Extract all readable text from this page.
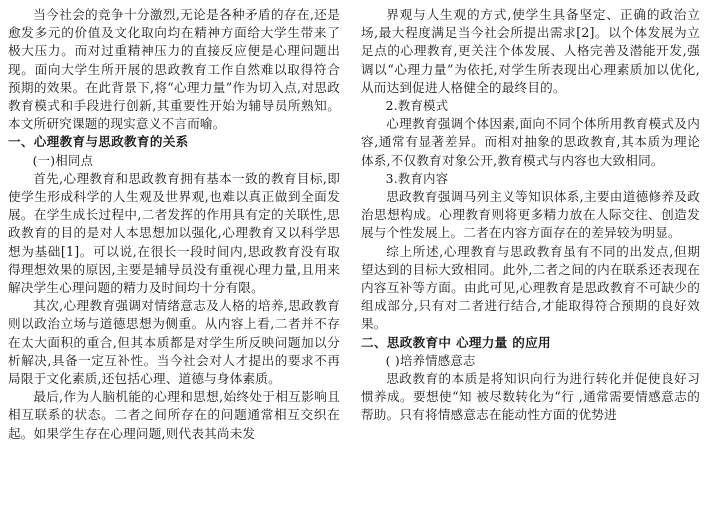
当今社会的竞争十分激烈,无论是各种矛盾的存在,还是愈发多元的价值及文化取向均在精神方面给大学生带来了极大压力。而对过重精神压力的直接反应便是心理问题出现。面向大学生所开展的思政教育工作自然难以取得符合预期的效果。在此背景下,将“心理力量”作为切入点,对思政教育模式和手段进行创新,其重要性开始为辅导员所熟知。本文所研究课题的现实意义不言而喻。

一、心理教育与思政教育的关系
(一)相同点

首先,心理教育和思政教育拥有基本一致的教育目标,即使学生形成科学的人生观及世界观,也难以真正做到全面发展。在学生成长过程中,二者发挥的作用具有定的关联性,思政教育的目的是对人本思想加以强化,心理教育又以科学思想为基础[1]。可以说,在很长一段时间内,思政教育没有取得理想效果的原因,主要是辅导员没有重视心理力量,且用来解决学生心理问题的精力及时间均十分有限。

其次,心理教育强调对情绪意志及人格的培养,思政教育则以政治立场与道德思想为侧重。从内容上看,二者并不存在太大面积的重合,但其本质都是对学生所反映问题加以分析解决,具备一定互补性。当今社会对人才提出的要求不再局限于文化素质,还包括心理、道德与身体素质。

最后,作为人脑机能的心理和思想,始终处于相互影响且相互联系的状态。二者之间所存在的问题通常相互交织在 起。如果学生存在心理问题,则代表其尚未发

界观与人生观的方式,使学生具备坚定、正确的政治立场,最大程度满足当今社会所提出需求[2]。以个体发展为立足点的心理教育,更关注个体发展、人格完善及潜能开发,强调以“心理力量”为依托,对学生所表现出心理素质加以优化,从而达到促进人格健全的最终目的。

2.教育模式

心理教育强调个体因素,面向不同个体所用教育模式及内容,通常有显著差异。而相对抽象的思政教育,其本质为理论体系,不仅教育对象公开,教育模式与内容也大致相同。

3.教育内容

思政教育强调马列主义等知识体系,主要由道德修养及政治思想构成。心理教育则将更多精力放在人际交往、创造发展与个性发展上。二者在内容方面存在的差异较为明显。

综上所述,心理教育与思政教育虽有不同的出发点,但期望达到的目标大致相同。此外,二者之间的内在联系还表现在内容互补等方面。由此可见,心理教育是思政教育不可缺少的组成部分,只有对二者进行结合,才能取得符合预期的良好效果。

二、思政教育中 心理力量 的应用
( )培养情感意志

思政教育的本质是将知识向行为进行转化并促使良好习惯养成。要想使“知 被尽数转化为“行 ,通常需要情感意志的帮助。只有将情感意志在能动性方面的优势进
